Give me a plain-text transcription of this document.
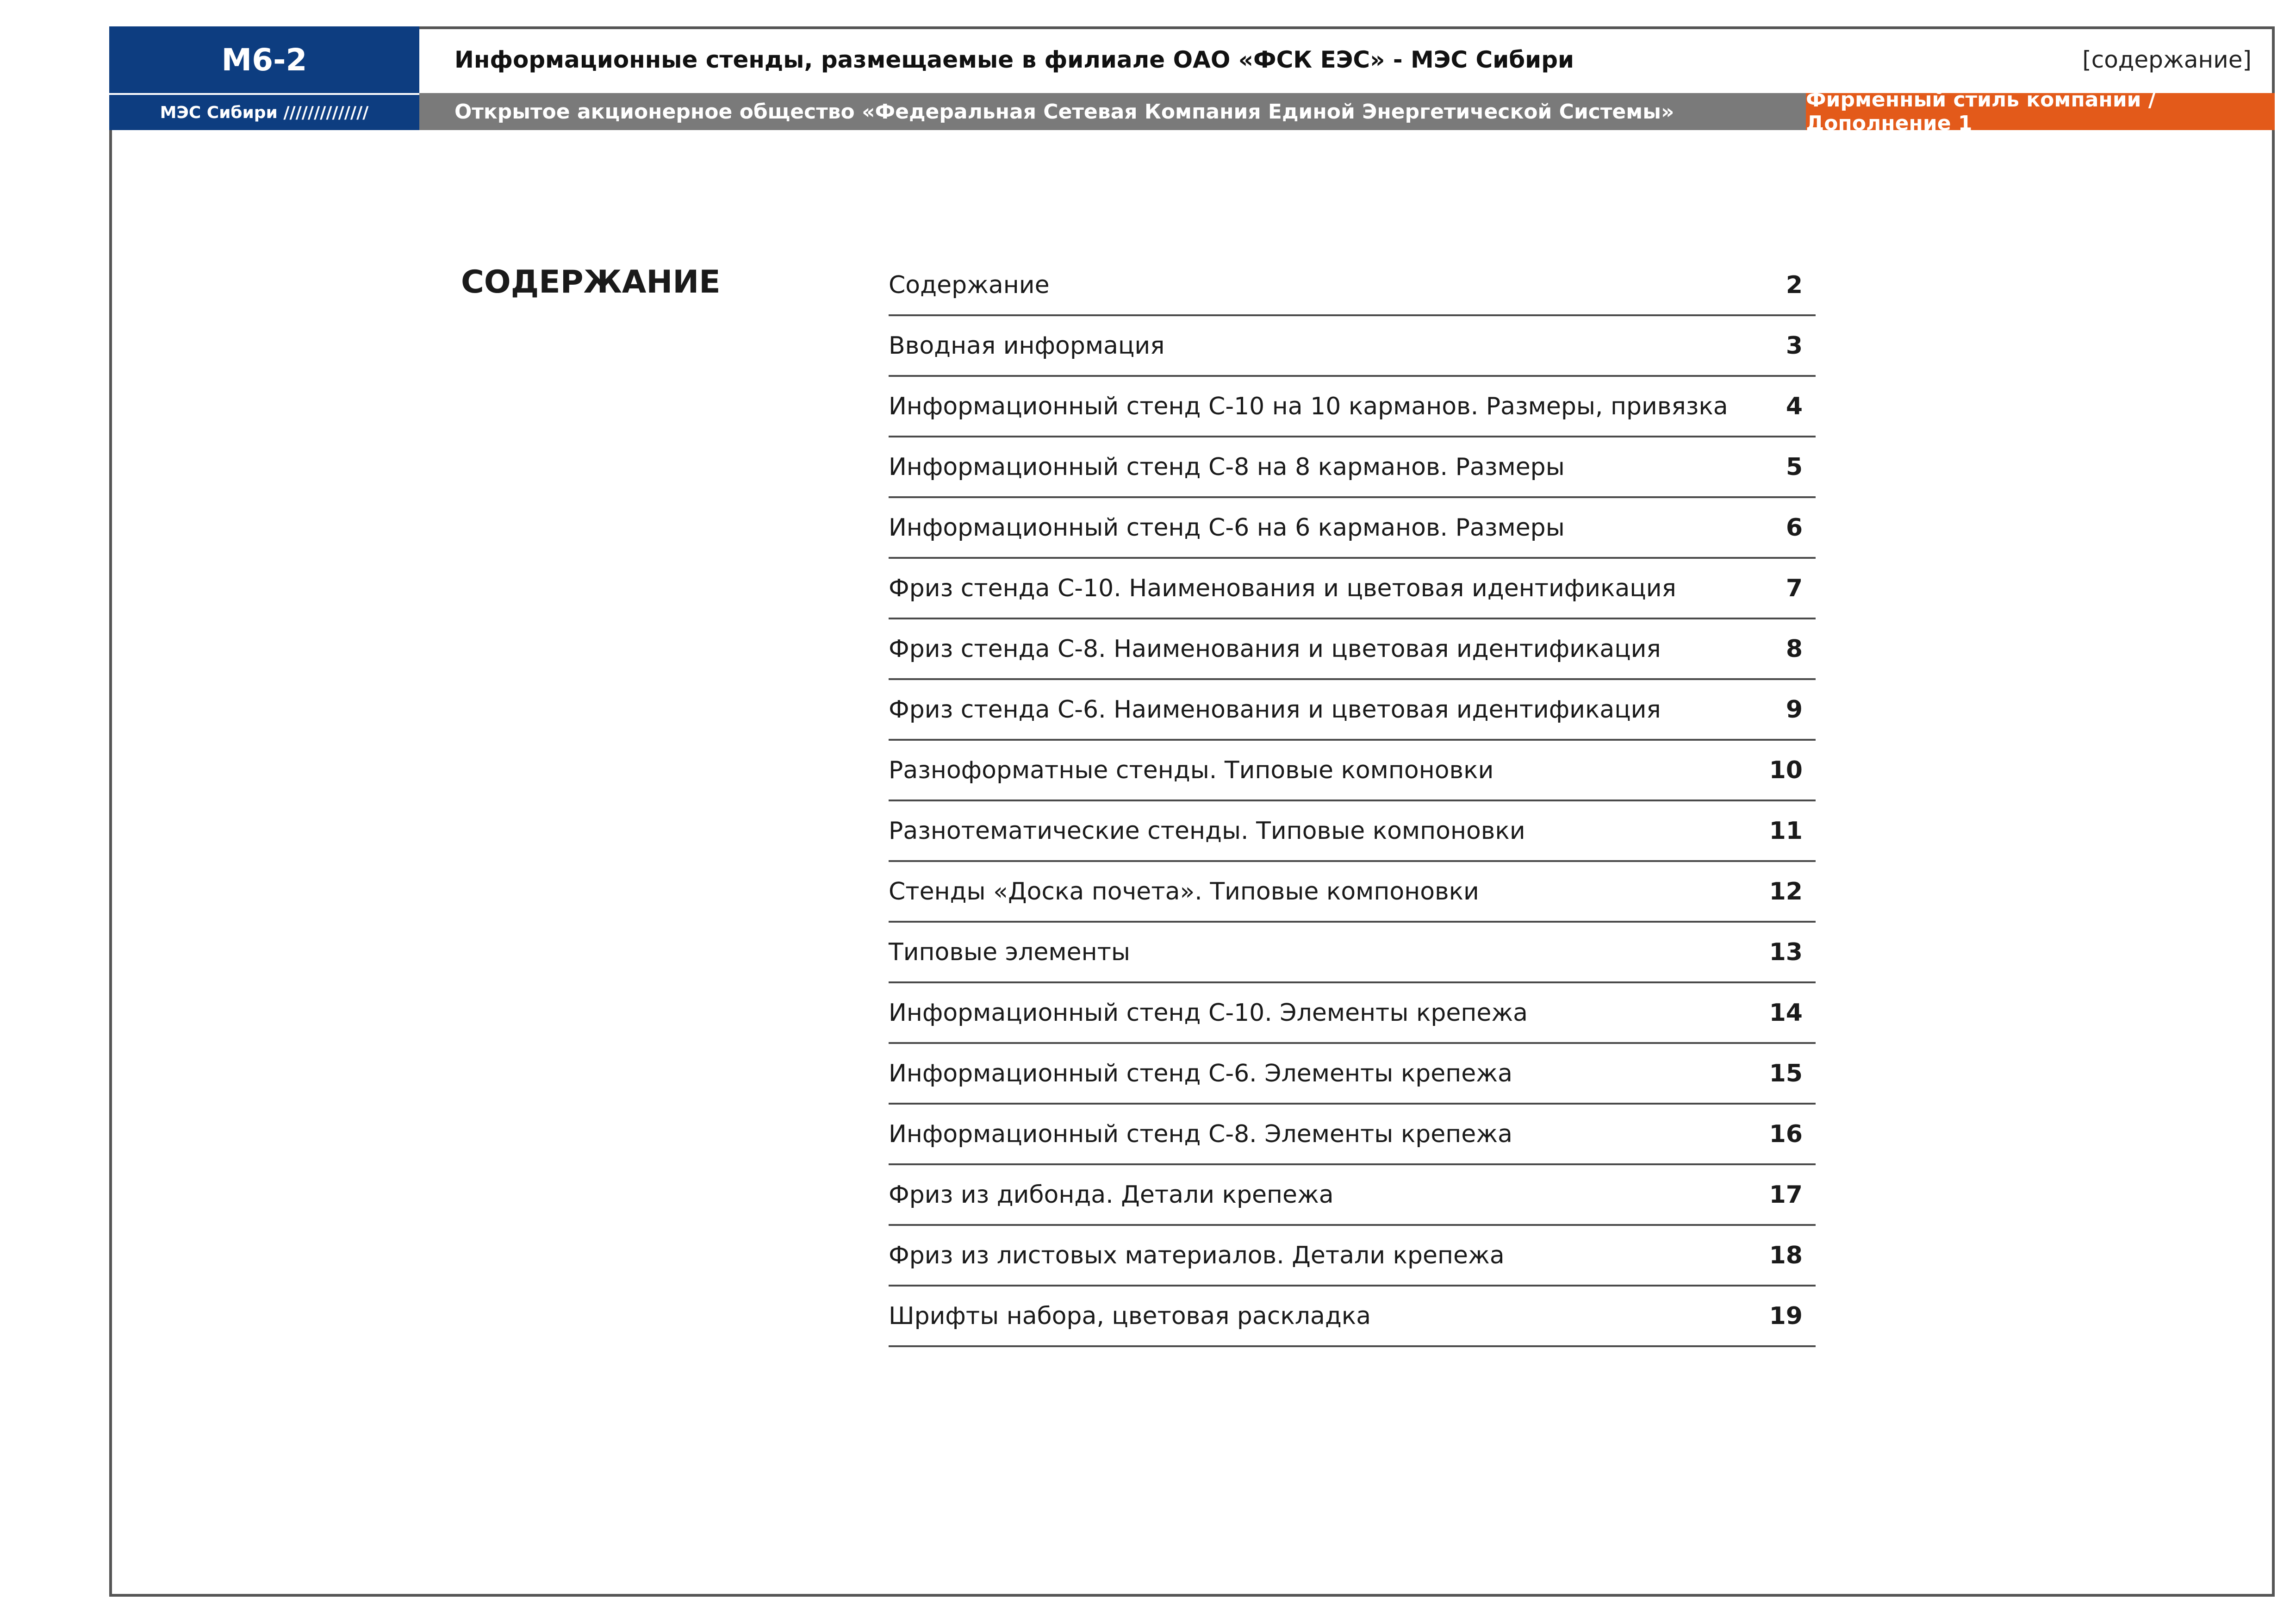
М6-2	Информационные стенды, размещаемые в филиале ОАО «ФСК ЕЭС» - МЭС Сибири	[содержание]
МЭС Сибири //////////////	Открытое акционерное общество «Федеральная Сетевая Компания Единой Энергетической Системы»	Фирменный стиль компании / Дополнение 1
СОДЕРЖАНИЕ	Содержание	2
Вводная информация	3
Информационный стенд С-10 на 10 карманов. Размеры, привязка 4
Информационный стенд С-8 на 8 карманов. Размеры	5
Информационный стенд С-6 на 6 карманов. Размеры	6
Фриз стенда С-10. Наименования и цветовая идентификация	7
Фриз стенда С-8. Наименования и цветовая идентификация	8
Фриз стенда С-6. Наименования и цветовая идентификация	9
Разноформатные стенды. Типовые компоновки	10
Разнотематические стенды. Типовые компоновки	11
Стенды «Доска почета». Типовые компоновки	12
Типовые элементы	13
Информационный стенд С-10. Элементы крепежа	14
Информационный стенд С-6. Элементы крепежа	15
Информационный стенд С-8. Элементы крепежа	16
Фриз из дибонда. Детали крепежа	17
Фриз из листовых материалов. Детали крепежа	18
Шрифты набора, цветовая раскладка	19
